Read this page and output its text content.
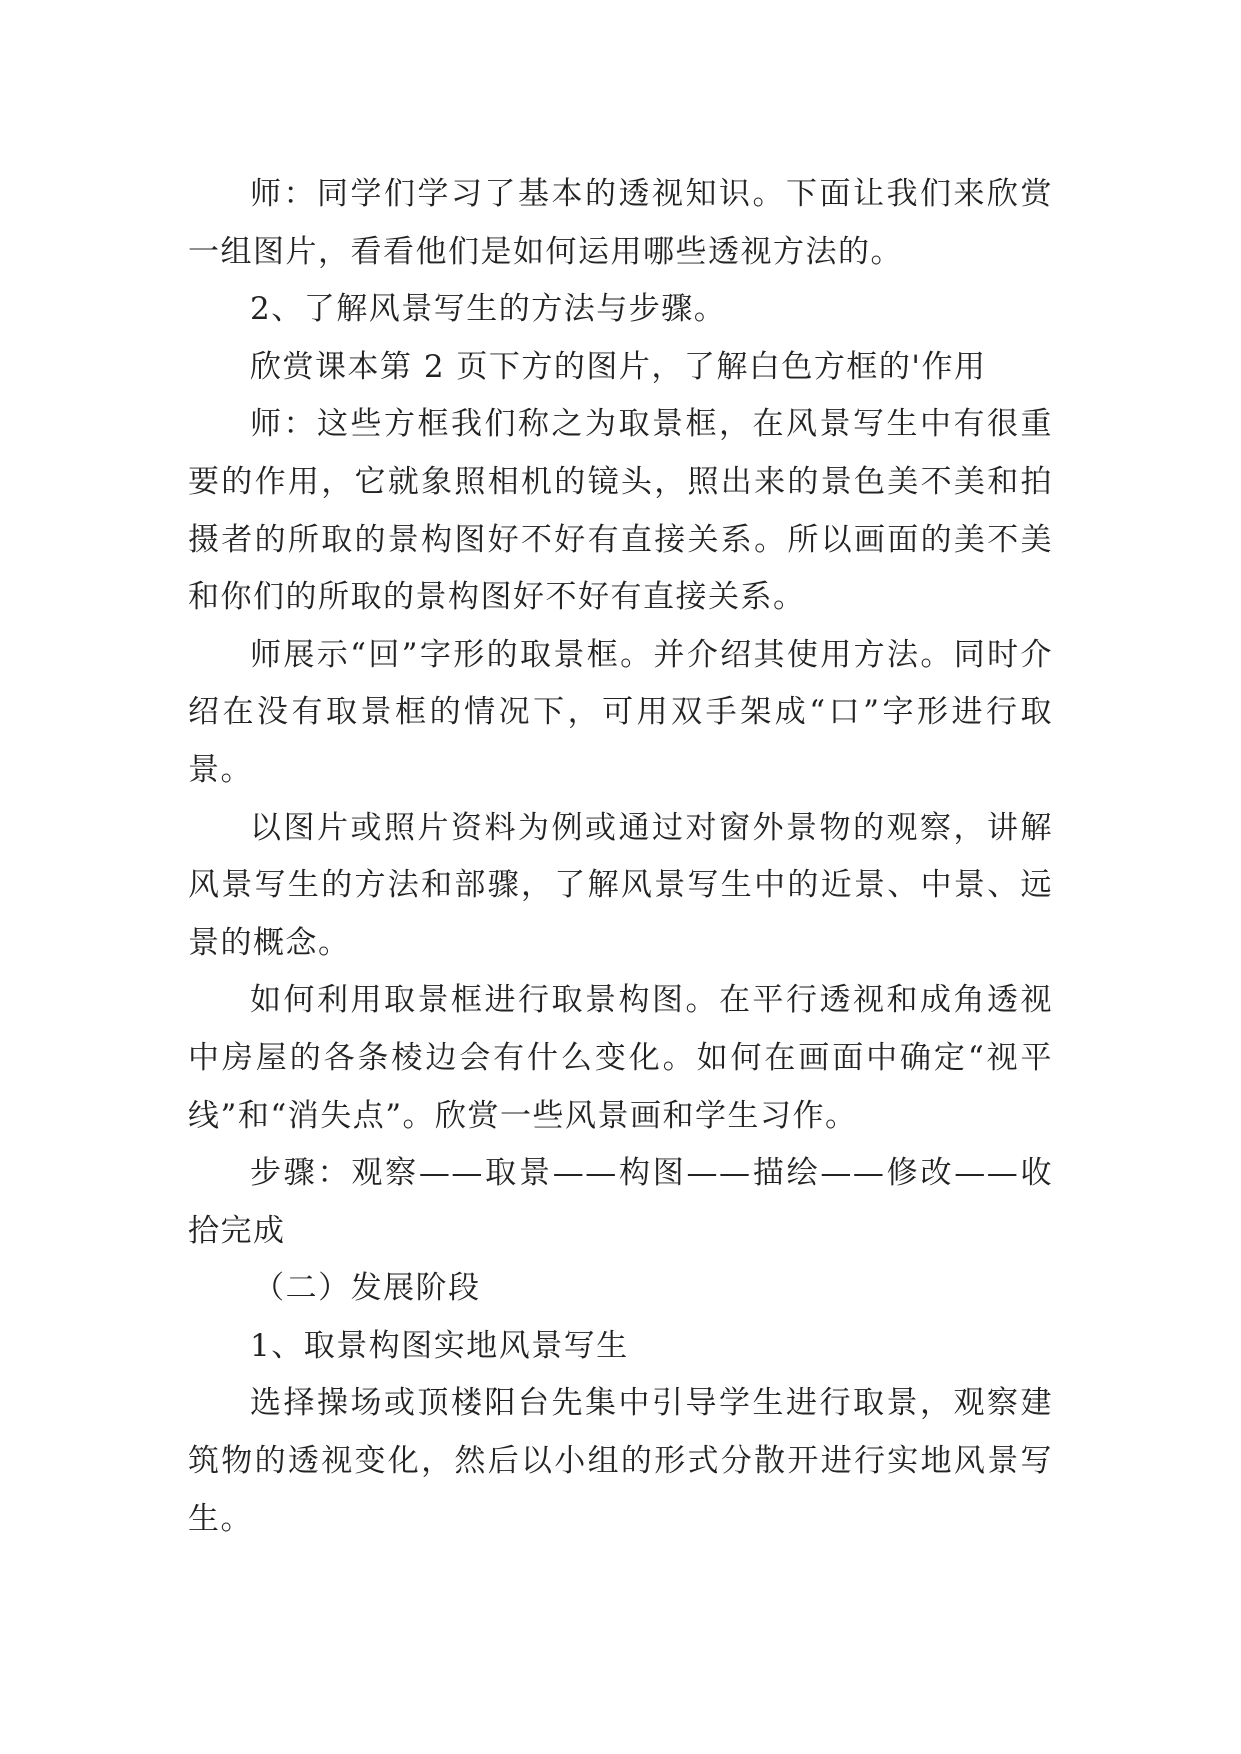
师：同学们学习了基本的透视知识。下面让我们来欣赏一组图片，看看他们是如何运用哪些透视方法的。

2、了解风景写生的方法与步骤。

欣赏课本第 2 页下方的图片，了解白色方框的'作用

师：这些方框我们称之为取景框，在风景写生中有很重要的作用，它就象照相机的镜头，照出来的景色美不美和拍摄者的所取的景构图好不好有直接关系。所以画面的美不美和你们的所取的景构图好不好有直接关系。

师展示“回”字形的取景框。并介绍其使用方法。同时介绍在没有取景框的情况下，可用双手架成“口”字形进行取景。

以图片或照片资料为例或通过对窗外景物的观察，讲解风景写生的方法和部骤，了解风景写生中的近景、中景、远景的概念。

如何利用取景框进行取景构图。在平行透视和成角透视中房屋的各条棱边会有什么变化。如何在画面中确定“视平线”和“消失点”。欣赏一些风景画和学生习作。

步骤：观察——取景——构图——描绘——修改——收拾完成

（二）发展阶段

1、取景构图实地风景写生

选择操场或顶楼阳台先集中引导学生进行取景，观察建筑物的透视变化，然后以小组的形式分散开进行实地风景写生。
